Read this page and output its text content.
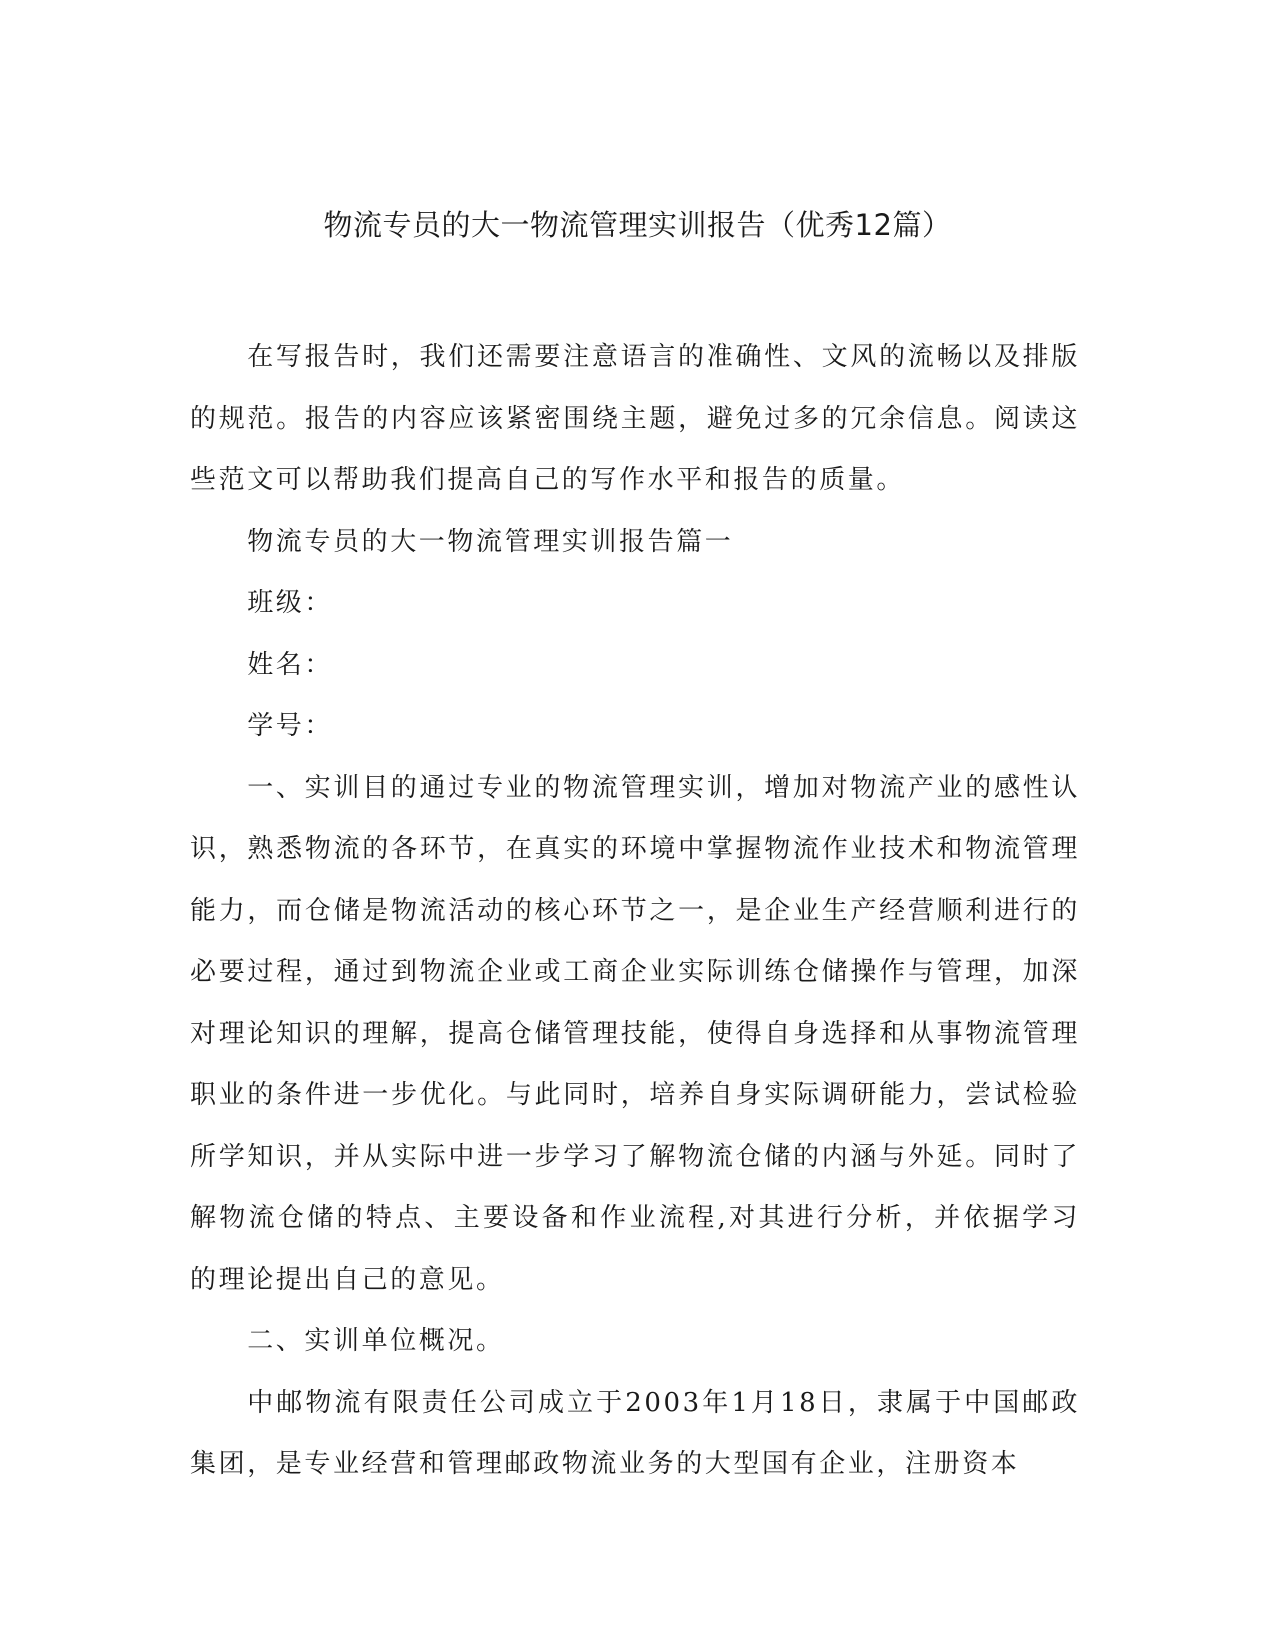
物流专员的大一物流管理实训报告（优秀12篇）

在写报告时，我们还需要注意语言的准确性、文风的流畅以及排版的规范。报告的内容应该紧密围绕主题，避免过多的冗余信息。阅读这些范文可以帮助我们提高自己的写作水平和报告的质量。

物流专员的大一物流管理实训报告篇一

班级：

姓名：

学号：

一、实训目的通过专业的物流管理实训，增加对物流产业的感性认识，熟悉物流的各环节，在真实的环境中掌握物流作业技术和物流管理能力，而仓储是物流活动的核心环节之一，是企业生产经营顺利进行的必要过程，通过到物流企业或工商企业实际训练仓储操作与管理，加深对理论知识的理解，提高仓储管理技能，使得自身选择和从事物流管理职业的条件进一步优化。与此同时，培养自身实际调研能力，尝试检验所学知识，并从实际中进一步学习了解物流仓储的内涵与外延。同时了解物流仓储的特点、主要设备和作业流程,对其进行分析，并依据学习的理论提出自己的意见。

二、实训单位概况。

中邮物流有限责任公司成立于2003年1月18日，隶属于中国邮政集团，是专业经营和管理邮政物流业务的大型国有企业，注册资本
